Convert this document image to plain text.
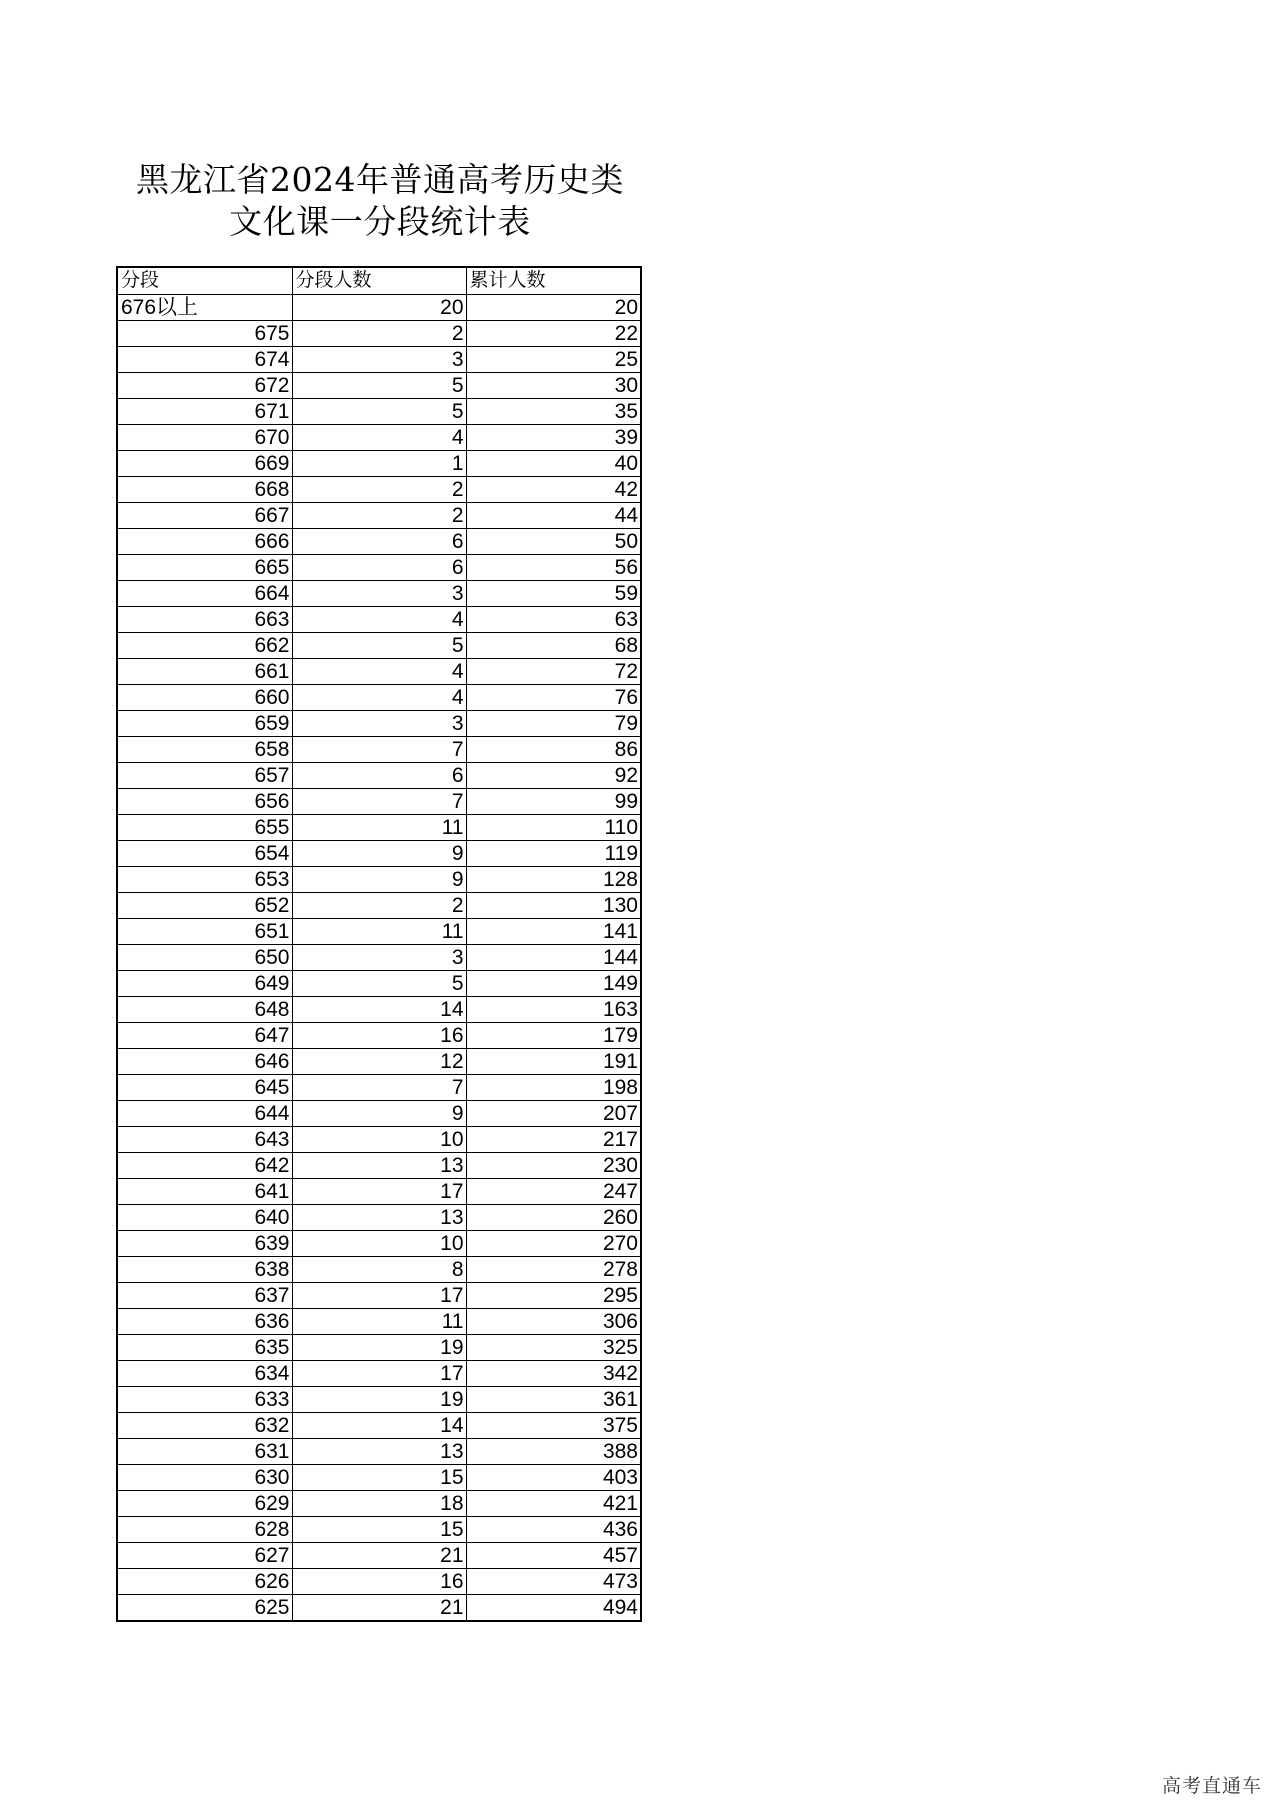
黑龙江省2024年普通高考历史类
文化课一分段统计表
分段	分段人数	累计人数
676以上	20	20
675	2	22
674	3	25
672	5	30
671	5	35
670	4	39
669	1	40
668	2	42
667	2	44
666	6	50
665	6	56
664	3	59
663	4	63
662	5	68
661	4	72
660	4	76
659	3	79
658	7	86
657	6	92
656	7	99
655	11	110
654	9	119
653	9	128
652	2	130
651	11	141
650	3	144
649	5	149
648	14	163
647	16	179
646	12	191
645	7	198
644	9	207
643	10	217
642	13	230
641	17	247
640	13	260
639	10	270
638	8	278
637	17	295
636	11	306
635	19	325
634	17	342
633	19	361
632	14	375
631	13	388
630	15	403
629	18	421
628	15	436
627	21	457
626	16	473
625	21	494
高考直通车
